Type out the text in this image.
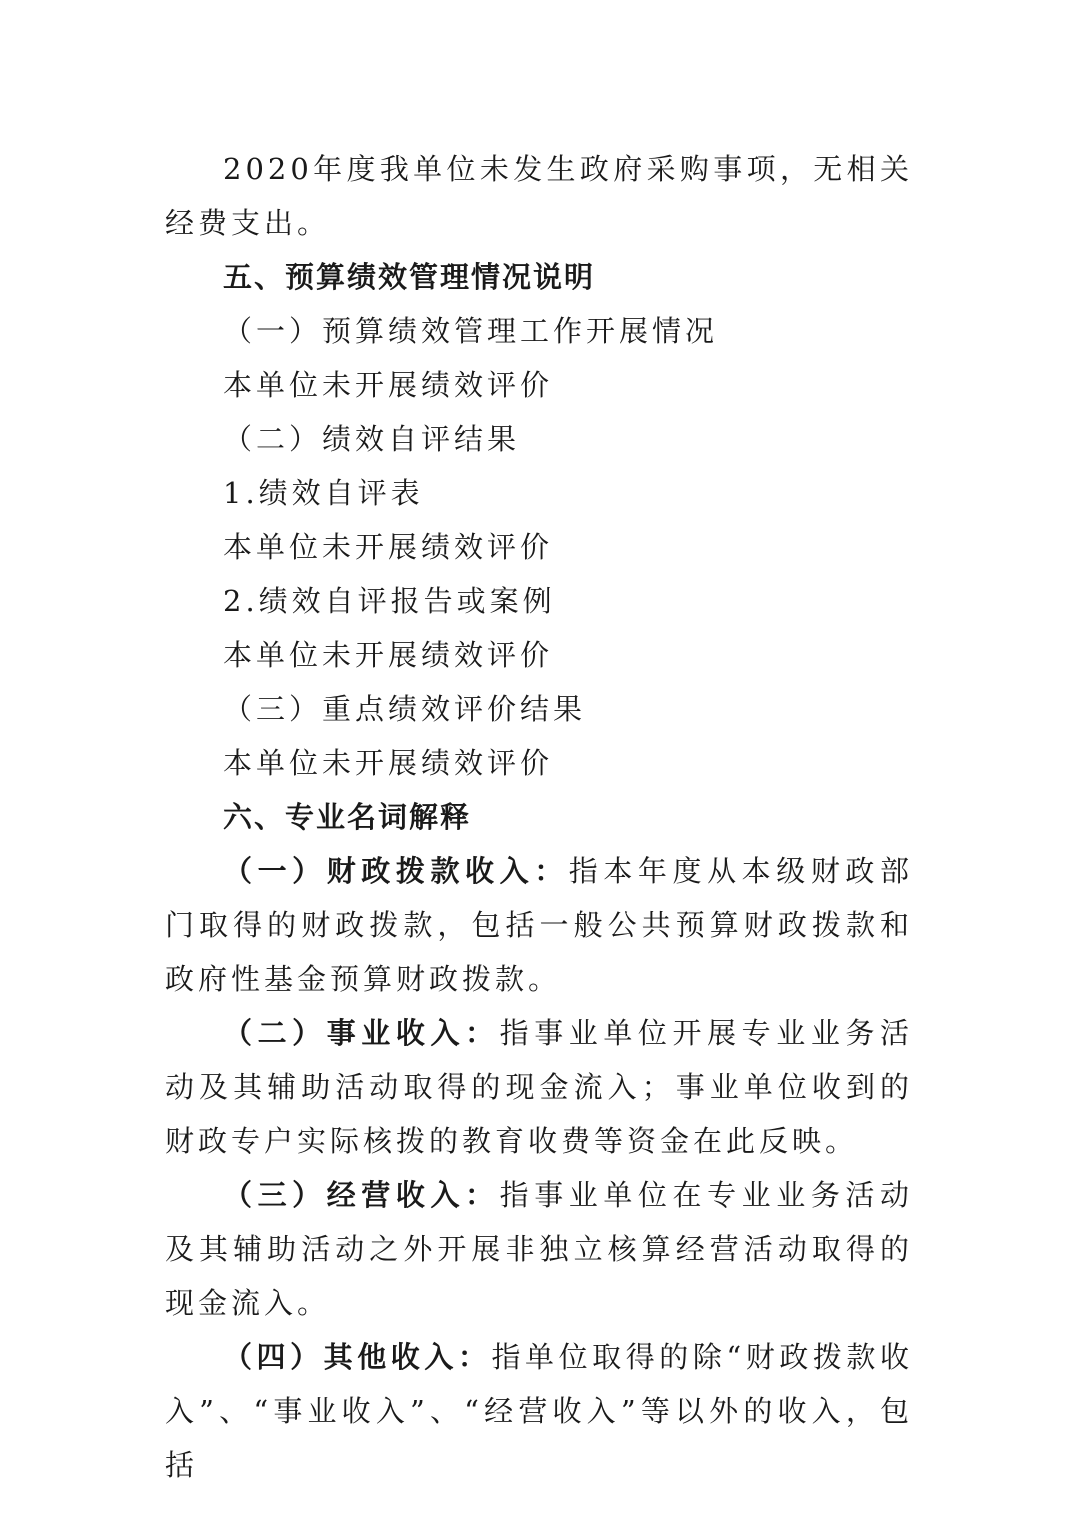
2020年度我单位未发生政府采购事项，无相关经费支出。

五、预算绩效管理情况说明

（一）预算绩效管理工作开展情况

本单位未开展绩效评价

（二）绩效自评结果

1.绩效自评表

本单位未开展绩效评价

2.绩效自评报告或案例

本单位未开展绩效评价

（三）重点绩效评价结果

本单位未开展绩效评价

六、专业名词解释

（一）财政拨款收入：指本年度从本级财政部门取得的财政拨款，包括一般公共预算财政拨款和政府性基金预算财政拨款。

（二）事业收入：指事业单位开展专业业务活动及其辅助活动取得的现金流入；事业单位收到的财政专户实际核拨的教育收费等资金在此反映。

（三）经营收入：指事业单位在专业业务活动及其辅助活动之外开展非独立核算经营活动取得的现金流入。

（四）其他收入：指单位取得的除“财政拨款收入”、“事业收入”、“经营收入”等以外的收入，包括
